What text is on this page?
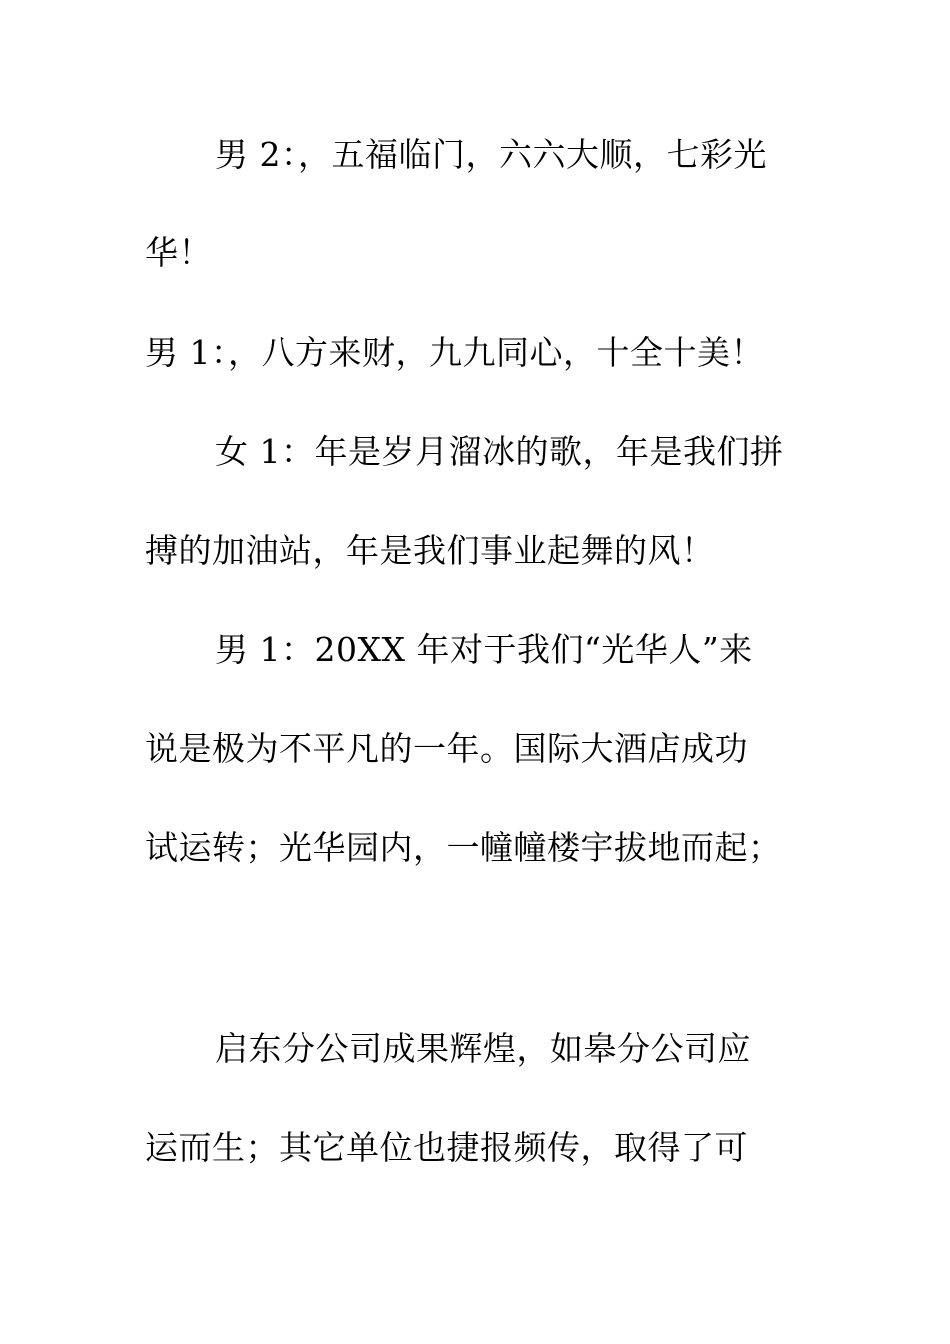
男 2：，五福临门，六六大顺，七彩光

华！

男 1：，八方来财，九九同心，十全十美！

女 1：年是岁月溜冰的歌，年是我们拼

搏的加油站，年是我们事业起舞的风！

男 1：20XX 年对于我们“光华人”来

说是极为不平凡的一年。国际大酒店成功

试运转；光华园内，一幢幢楼宇拔地而起；

启东分公司成果辉煌，如皋分公司应

运而生；其它单位也捷报频传，取得了可
